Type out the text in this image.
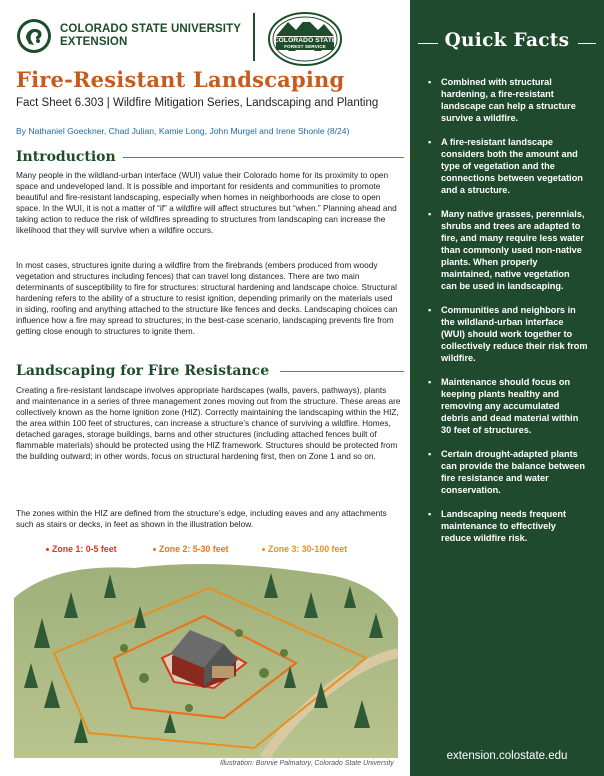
COLORADO STATE UNIVERSITY
EXTENSION	COLORADO STATE
FOREST SERVICE
Fire-Resistant Landscaping
Fact Sheet 6.303 | Wildfire Mitigation Series, Landscaping and Planting
By Nathaniel Goeckner, Chad Julian, Kamie Long, John Murgel and Irene Shonle (8/24)
Introduction

Many people in the wildland-urban interface (WUI) value their Colorado home for its proximity to open space and undeveloped land. It is possible and important for residents and communities to promote beautiful and fire-resistant landscaping, especially when homes in neighborhoods are close to open space. In the WUI, it is not a matter of “if” a wildfire will affect structures but “when.” Planning ahead and taking action to reduce the risk of wildfires spreading to structures from landscaping can increase the likelihood that they will survive when a wildfire occurs.

In most cases, structures ignite during a wildfire from the firebrands (embers produced from woody vegetation and structures including fences) that can travel long distances. There are two main determinants of susceptibility to fire for structures: structural hardening and landscape choice. Structural hardening refers to the ability of a structure to resist ignition, depending primarily on the materials used in siding, roofing and anything attached to the structure like fences and decks. Landscaping choices can influence how a fire may spread to structures; in the best-case scenario, landscaping prevents fire from getting close enough to structures to ignite them.

Landscaping for Fire Resistance

Creating a fire-resistant landscape involves appropriate hardscapes (walls, pavers, pathways), plants and maintenance in a series of three management zones moving out from the structure. These areas are collectively known as the home ignition zone (HIZ). Correctly maintaining the landscaping within the HIZ, the area within 100 feet of structures, can increase a structure’s chance of surviving a wildfire. Homes, detached garages, storage buildings, barns and other structures (including attached fences built of flammable materials) should be protected using the HIZ framework. Structures should be protected from the building outward; in other words, focus on structural hardening first, then on Zone 1 and so on.

The zones within the HIZ are defined from the structure’s edge, including eaves and any attachments such as stairs or decks, in feet as shown in the illustration below.

Zone 1: 0-5 feet	Zone 2: 5-30 feet	Zone 3: 30-100 feet
Illustration: Bonnie Palmatory, Colorado State University
Quick Facts
• Combined with structural hardening, a fire-resistant landscape can help a structure survive a wildfire.
• A fire-resistant landscape considers both the amount and type of vegetation and the connections between vegetation and a structure.
• Many native grasses, perennials, shrubs and trees are adapted to fire, and many require less water than commonly used non-native plants. When properly maintained, native vegetation can be used in landscaping.
• Communities and neighbors in the wildland-urban interface (WUI) should work together to collectively reduce their risk from wildfire.
• Maintenance should focus on keeping plants healthy and removing any accumulated debris and dead material within 30 feet of structures.
• Certain drought-adapted plants can provide the balance between fire resistance and water conservation.
• Landscaping needs frequent maintenance to effectively reduce wildfire risk.
extension.colostate.edu
